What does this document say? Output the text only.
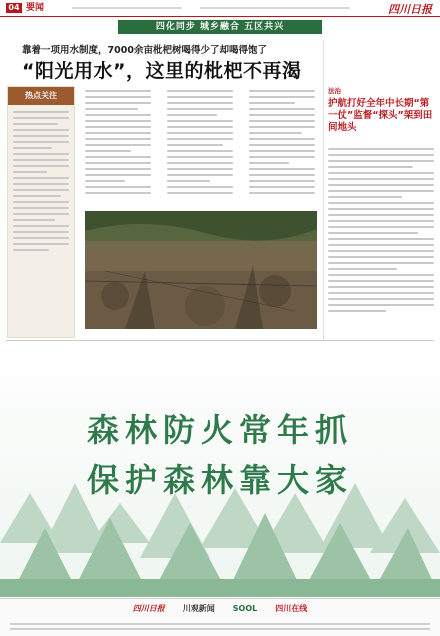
04 要闻	四川日报
四化同步 城乡融合 五区共兴
靠着一项用水制度，7000余亩枇杷树喝得少了却喝得饱了
“阳光用水”，这里的枇杷不再渴
热点关注	法治
护航打好全年中长期“第一仗”监督“探头”架到田间地头
森林防火常年抓
保护森林靠大家
四川日报 川观新闻 SOOL 四川在线
